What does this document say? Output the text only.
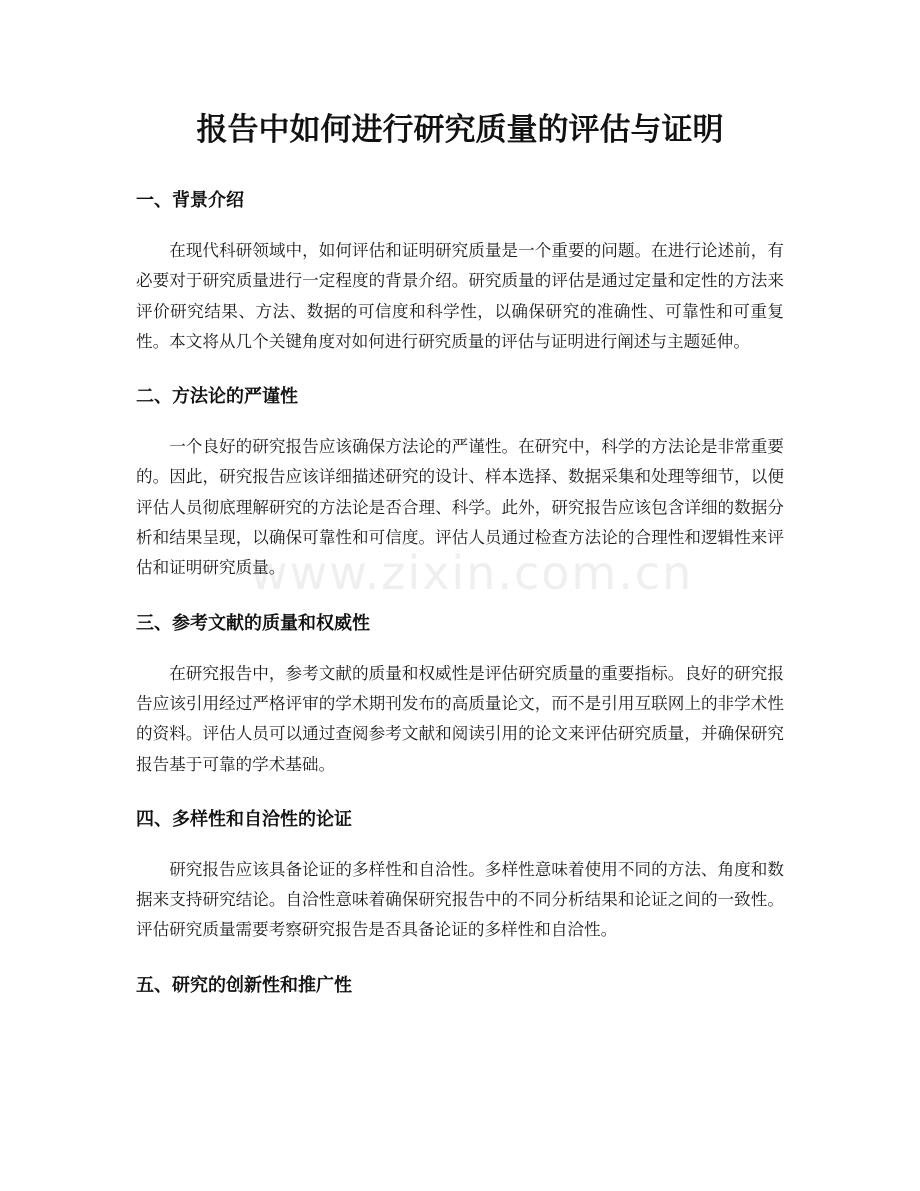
报告中如何进行研究质量的评估与证明
www.zixin.com.cn
一、背景介绍

在现代科研领域中，如何评估和证明研究质量是一个重要的问题。在进行论述前，有必要对于研究质量进行一定程度的背景介绍。研究质量的评估是通过定量和定性的方法来评价研究结果、方法、数据的可信度和科学性，以确保研究的准确性、可靠性和可重复性。本文将从几个关键角度对如何进行研究质量的评估与证明进行阐述与主题延伸。

二、方法论的严谨性

一个良好的研究报告应该确保方法论的严谨性。在研究中，科学的方法论是非常重要的。因此，研究报告应该详细描述研究的设计、样本选择、数据采集和处理等细节，以便评估人员彻底理解研究的方法论是否合理、科学。此外，研究报告应该包含详细的数据分析和结果呈现，以确保可靠性和可信度。评估人员通过检查方法论的合理性和逻辑性来评估和证明研究质量。

三、参考文献的质量和权威性

在研究报告中，参考文献的质量和权威性是评估研究质量的重要指标。良好的研究报告应该引用经过严格评审的学术期刊发布的高质量论文，而不是引用互联网上的非学术性的资料。评估人员可以通过查阅参考文献和阅读引用的论文来评估研究质量，并确保研究报告基于可靠的学术基础。

四、多样性和自洽性的论证

研究报告应该具备论证的多样性和自洽性。多样性意味着使用不同的方法、角度和数据来支持研究结论。自洽性意味着确保研究报告中的不同分析结果和论证之间的一致性。评估研究质量需要考察研究报告是否具备论证的多样性和自洽性。

五、研究的创新性和推广性
